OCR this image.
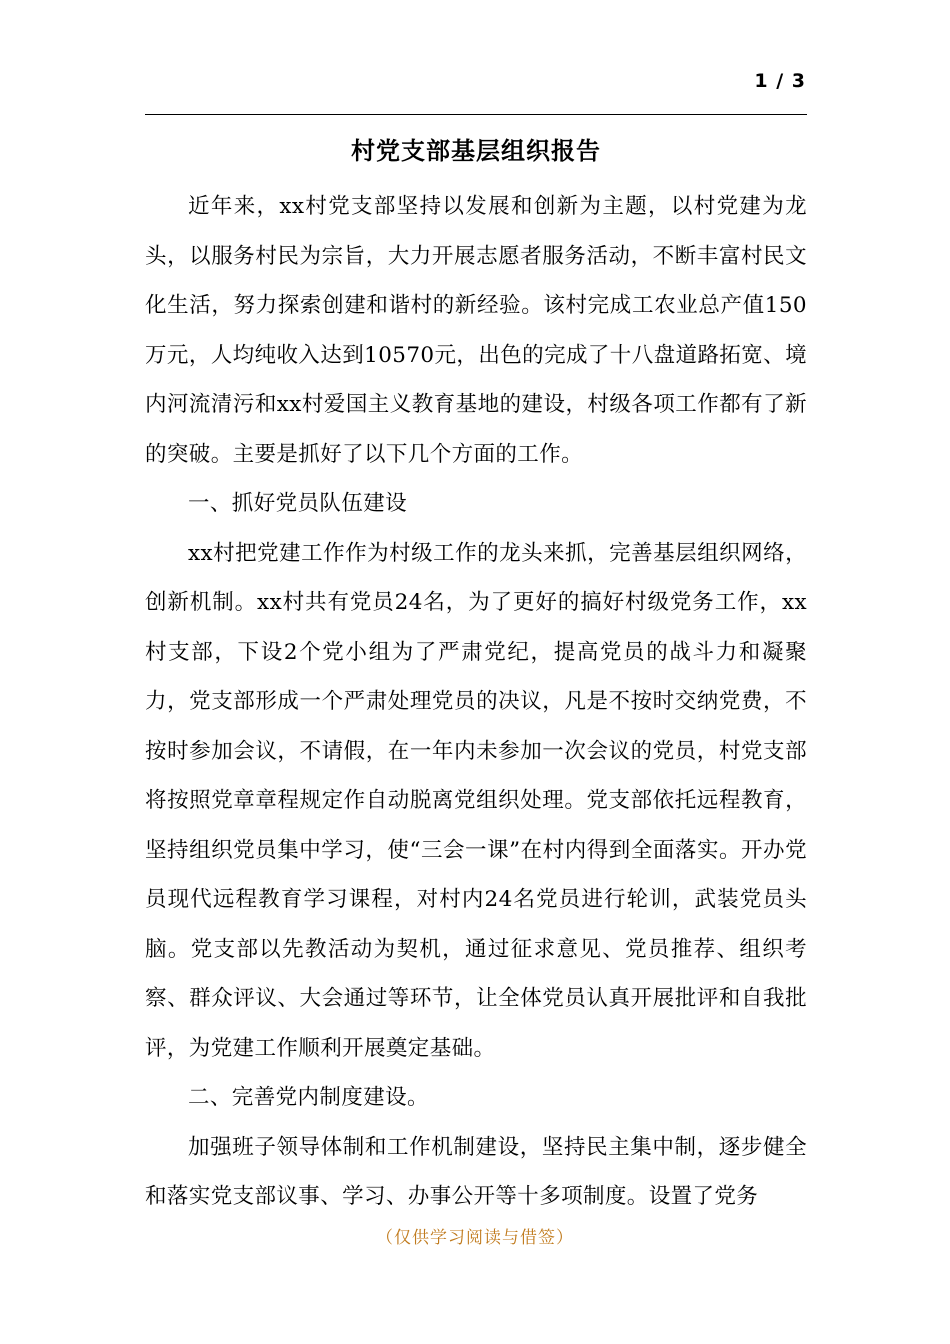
1 / 3
村党支部基层组织报告

近年来，xx村党支部坚持以发展和创新为主题，以村党建为龙头，以服务村民为宗旨，大力开展志愿者服务活动，不断丰富村民文化生活，努力探索创建和谐村的新经验。该村完成工农业总产值150万元，人均纯收入达到10570元，出色的完成了十八盘道路拓宽、境内河流清污和xx村爱国主义教育基地的建设，村级各项工作都有了新的突破。主要是抓好了以下几个方面的工作。

一、抓好党员队伍建设

xx村把党建工作作为村级工作的龙头来抓，完善基层组织网络，创新机制。xx村共有党员24名，为了更好的搞好村级党务工作，xx村支部，下设2个党小组为了严肃党纪，提高党员的战斗力和凝聚力，党支部形成一个严肃处理党员的决议，凡是不按时交纳党费，不按时参加会议，不请假，在一年内未参加一次会议的党员，村党支部将按照党章章程规定作自动脱离党组织处理。党支部依托远程教育，坚持组织党员集中学习，使“三会一课”在村内得到全面落实。开办党员现代远程教育学习课程，对村内24名党员进行轮训，武装党员头脑。党支部以先教活动为契机，通过征求意见、党员推荐、组织考察、群众评议、大会通过等环节，让全体党员认真开展批评和自我批评，为党建工作顺利开展奠定基础。

二、完善党内制度建设。

加强班子领导体制和工作机制建设，坚持民主集中制，逐步健全和落实党支部议事、学习、办事公开等十多项制度。设置了党务

（仅供学习阅读与借签）
